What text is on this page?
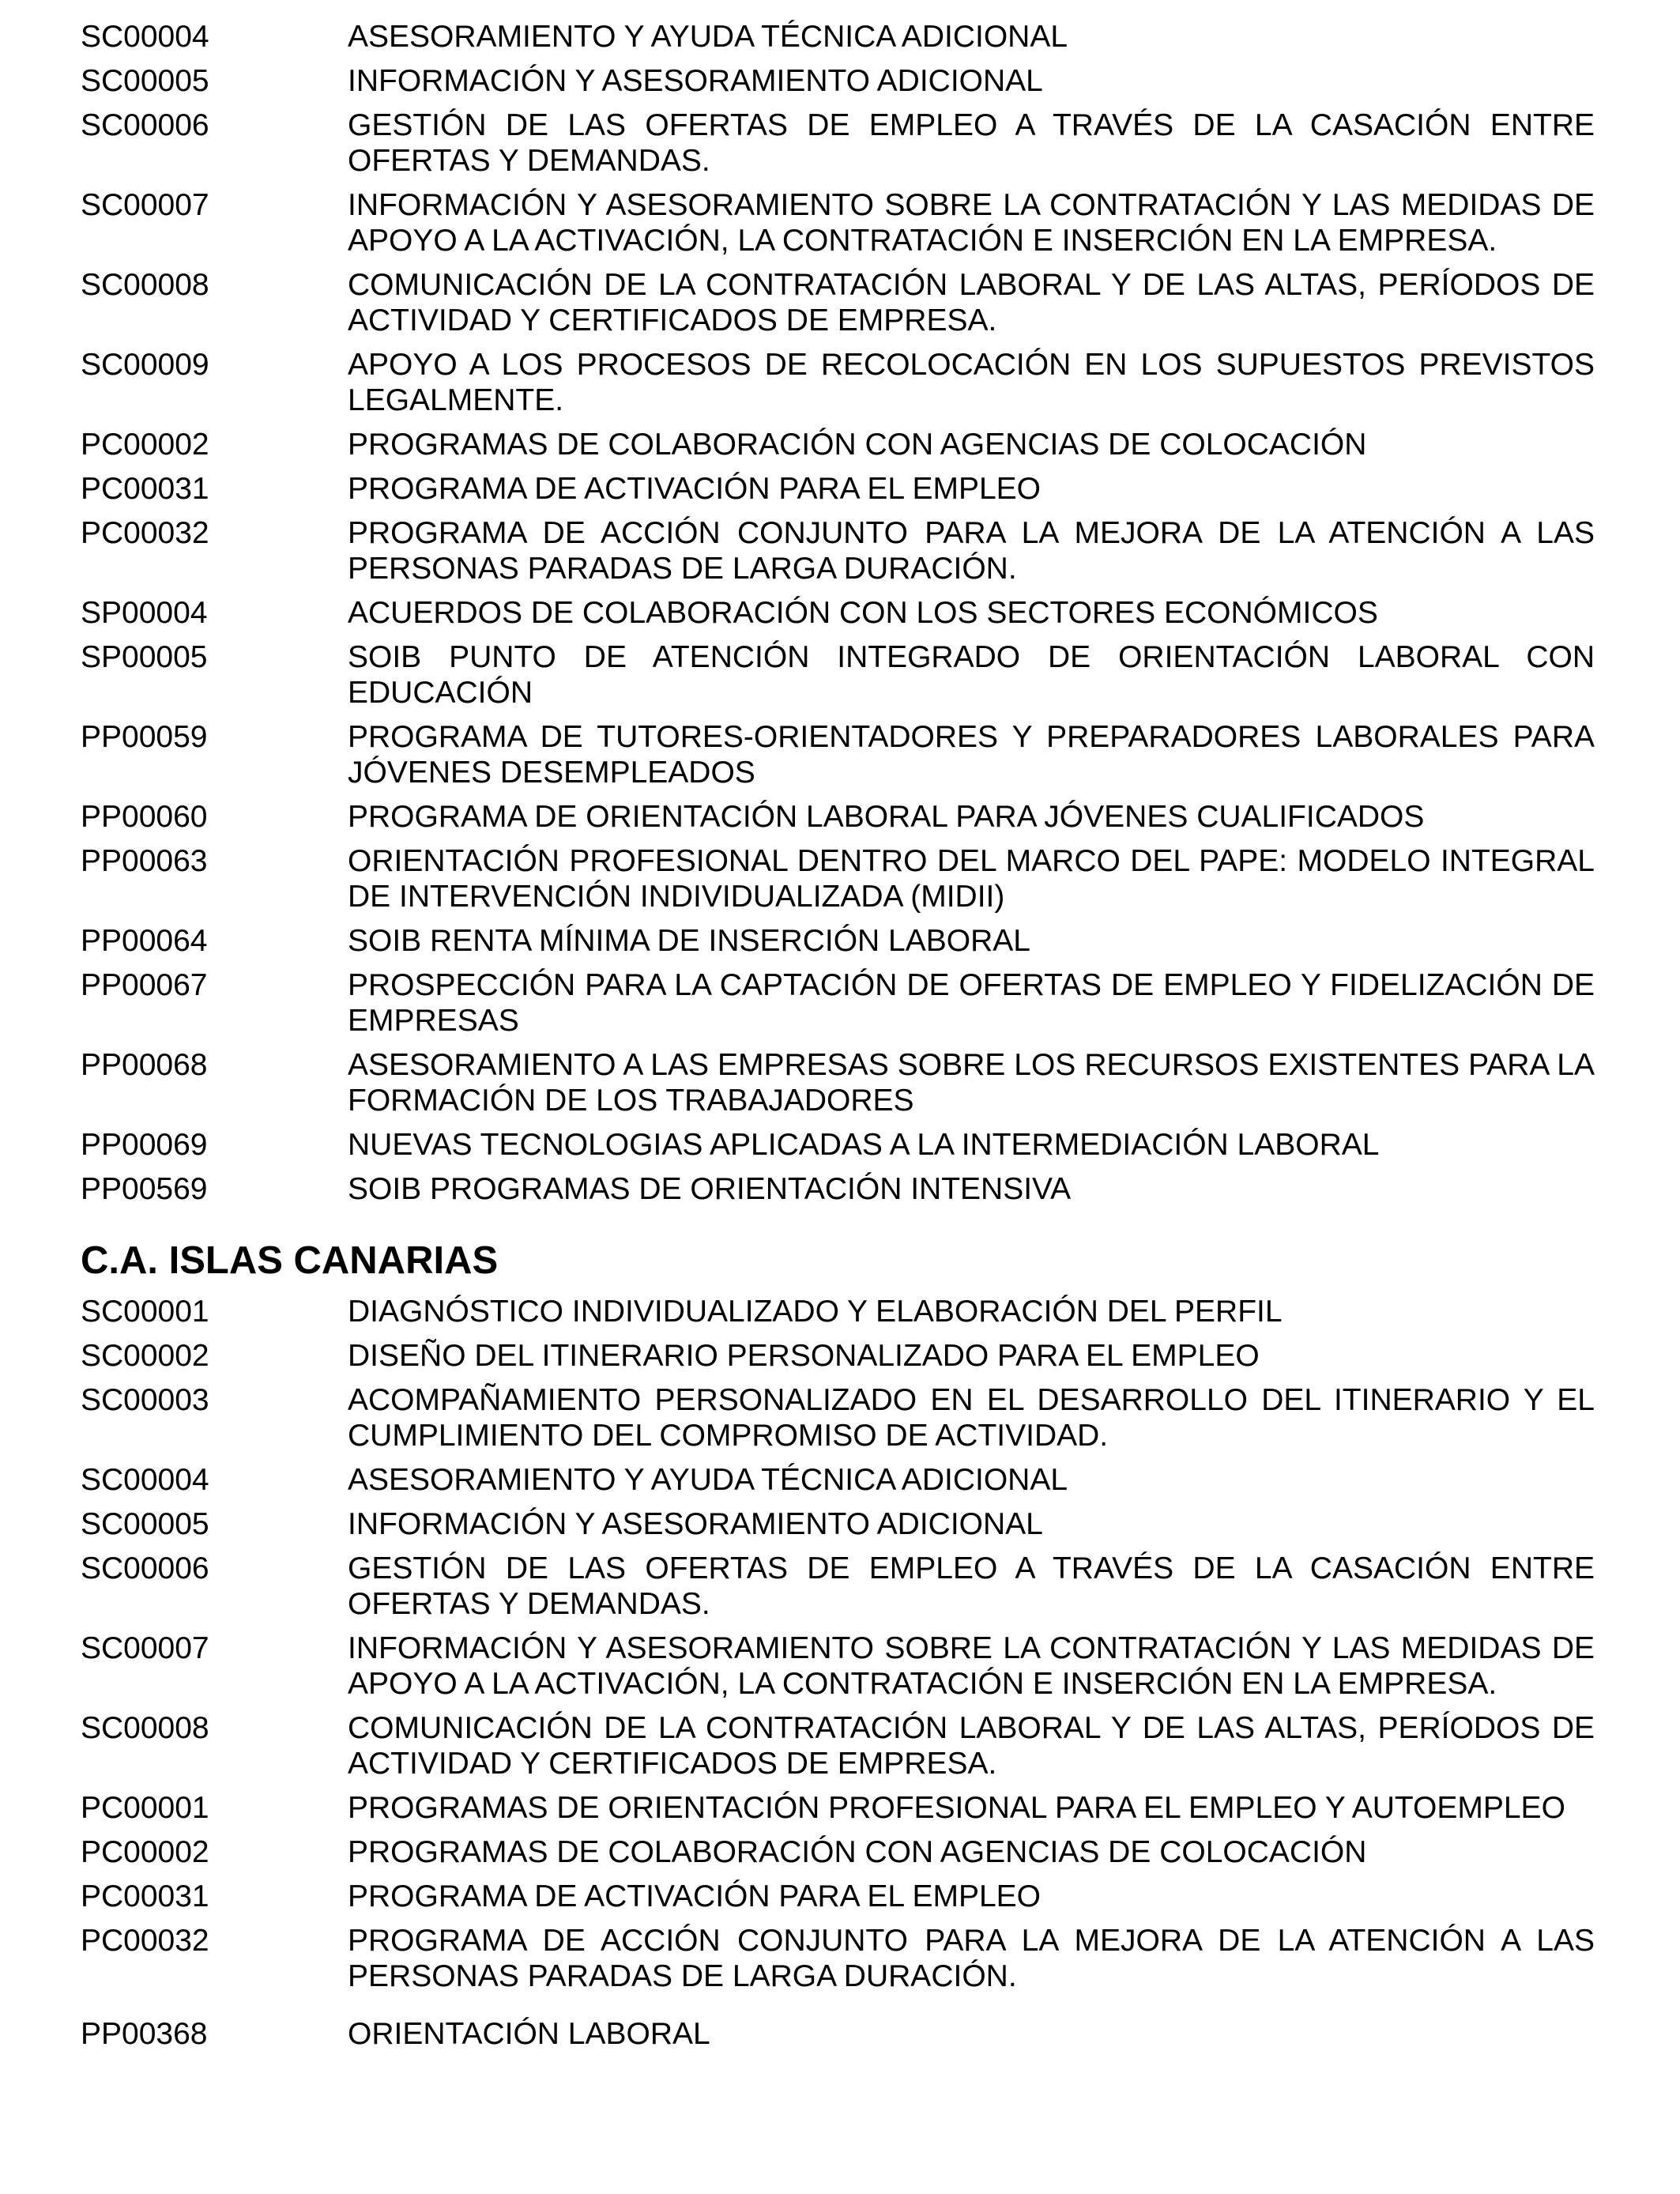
SC00004	ASESORAMIENTO Y AYUDA TÉCNICA ADICIONAL
SC00005	INFORMACIÓN Y ASESORAMIENTO ADICIONAL
SC00006	GESTIÓN DE LAS OFERTAS DE EMPLEO A TRAVÉS DE LA CASACIÓN ENTRE OFERTAS Y DEMANDAS.
SC00007	INFORMACIÓN Y ASESORAMIENTO SOBRE LA CONTRATACIÓN Y LAS MEDIDAS DE APOYO A LA ACTIVACIÓN, LA CONTRATACIÓN E INSERCIÓN EN LA EMPRESA.
SC00008	COMUNICACIÓN DE LA CONTRATACIÓN LABORAL Y DE LAS ALTAS, PERÍODOS DE ACTIVIDAD Y CERTIFICADOS DE EMPRESA.
SC00009	APOYO A LOS PROCESOS DE RECOLOCACIÓN EN LOS SUPUESTOS PREVISTOS LEGALMENTE.
PC00002	PROGRAMAS DE COLABORACIÓN CON AGENCIAS DE COLOCACIÓN
PC00031	PROGRAMA DE ACTIVACIÓN PARA EL EMPLEO
PC00032	PROGRAMA DE ACCIÓN CONJUNTO PARA LA MEJORA DE LA ATENCIÓN A LAS PERSONAS PARADAS DE LARGA DURACIÓN.
SP00004	ACUERDOS DE COLABORACIÓN CON LOS SECTORES ECONÓMICOS
SP00005	SOIB PUNTO DE ATENCIÓN INTEGRADO DE ORIENTACIÓN LABORAL CON EDUCACIÓN
PP00059	PROGRAMA DE TUTORES-ORIENTADORES Y PREPARADORES LABORALES PARA JÓVENES DESEMPLEADOS
PP00060	PROGRAMA DE ORIENTACIÓN LABORAL PARA JÓVENES CUALIFICADOS
PP00063	ORIENTACIÓN PROFESIONAL DENTRO DEL MARCO DEL PAPE: MODELO INTEGRAL DE INTERVENCIÓN INDIVIDUALIZADA (MIDII)
PP00064	SOIB RENTA MÍNIMA DE INSERCIÓN LABORAL
PP00067	PROSPECCIÓN PARA LA CAPTACIÓN DE OFERTAS DE EMPLEO Y FIDELIZACIÓN DE EMPRESAS
PP00068	ASESORAMIENTO A LAS EMPRESAS SOBRE LOS RECURSOS EXISTENTES PARA LA FORMACIÓN DE LOS TRABAJADORES
PP00069	NUEVAS TECNOLOGIAS APLICADAS A LA INTERMEDIACIÓN LABORAL
PP00569	SOIB PROGRAMAS DE ORIENTACIÓN INTENSIVA
C.A. ISLAS CANARIAS
SC00001	DIAGNÓSTICO INDIVIDUALIZADO Y ELABORACIÓN DEL PERFIL
SC00002	DISEÑO DEL ITINERARIO PERSONALIZADO PARA EL EMPLEO
SC00003	ACOMPAÑAMIENTO PERSONALIZADO EN EL DESARROLLO DEL ITINERARIO Y EL CUMPLIMIENTO DEL COMPROMISO DE ACTIVIDAD.
SC00004	ASESORAMIENTO Y AYUDA TÉCNICA ADICIONAL
SC00005	INFORMACIÓN Y ASESORAMIENTO ADICIONAL
SC00006	GESTIÓN DE LAS OFERTAS DE EMPLEO A TRAVÉS DE LA CASACIÓN ENTRE OFERTAS Y DEMANDAS.
SC00007	INFORMACIÓN Y ASESORAMIENTO SOBRE LA CONTRATACIÓN Y LAS MEDIDAS DE APOYO A LA ACTIVACIÓN, LA CONTRATACIÓN E INSERCIÓN EN LA EMPRESA.
SC00008	COMUNICACIÓN DE LA CONTRATACIÓN LABORAL Y DE LAS ALTAS, PERÍODOS DE ACTIVIDAD Y CERTIFICADOS DE EMPRESA.
PC00001	PROGRAMAS DE ORIENTACIÓN PROFESIONAL PARA EL EMPLEO Y AUTOEMPLEO
PC00002	PROGRAMAS DE COLABORACIÓN CON AGENCIAS DE COLOCACIÓN
PC00031	PROGRAMA DE ACTIVACIÓN PARA EL EMPLEO
PC00032	PROGRAMA DE ACCIÓN CONJUNTO PARA LA MEJORA DE LA ATENCIÓN A LAS PERSONAS PARADAS DE LARGA DURACIÓN.
PP00368	ORIENTACIÓN LABORAL
